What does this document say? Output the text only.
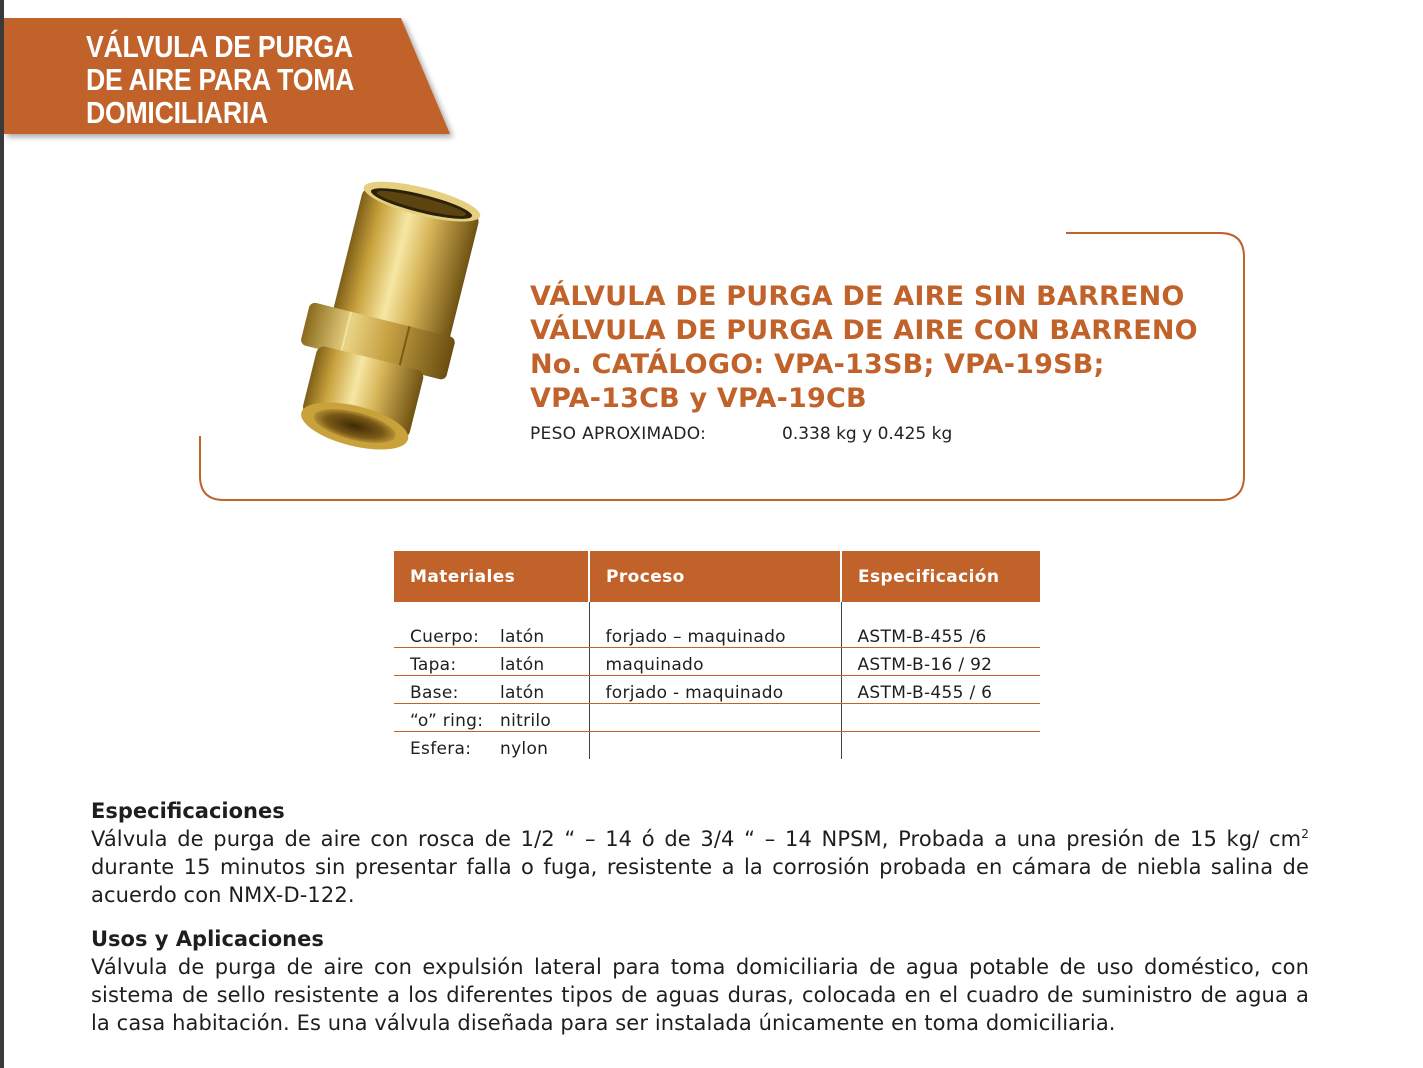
VÁLVULA DE PURGA
DE AIRE PARA TOMA
DOMICILIARIA
VÁLVULA DE PURGA DE AIRE SIN BARRENO
VÁLVULA DE PURGA DE AIRE CON BARRENO
No. CATÁLOGO: VPA-13SB; VPA-19SB;
VPA-13CB y VPA-19CB
PESO APROXIMADO:	0.338 kg y 0.425 kg
Materiales	Proceso	Especificación

Cuerpo: latón	forjado – maquinado	ASTM-B-455 /6
Tapa: latón	maquinado	ASTM-B-16 / 92
Base: latón	forjado - maquinado	ASTM-B-455 / 6
“o” ring: nitrilo		
Esfera: nylon		
Especificaciones

Válvula de purga de aire con rosca de 1/2 “ – 14 ó de 3/4 “ – 14 NPSM, Probada a una presión de 15 kg/ $cm^2$ durante 15 minutos sin presentar falla o fuga, resistente a la corrosión probada en cámara de niebla salina de acuerdo con NMX-D-122.

Usos y Aplicaciones

Válvula de purga de aire con expulsión lateral para toma domiciliaria de agua potable de uso doméstico, con sistema de sello resistente a los diferentes tipos de aguas duras, colocada en el cuadro de suministro de agua a la casa habitación. Es una válvula diseñada para ser instalada únicamente en toma domiciliaria.
